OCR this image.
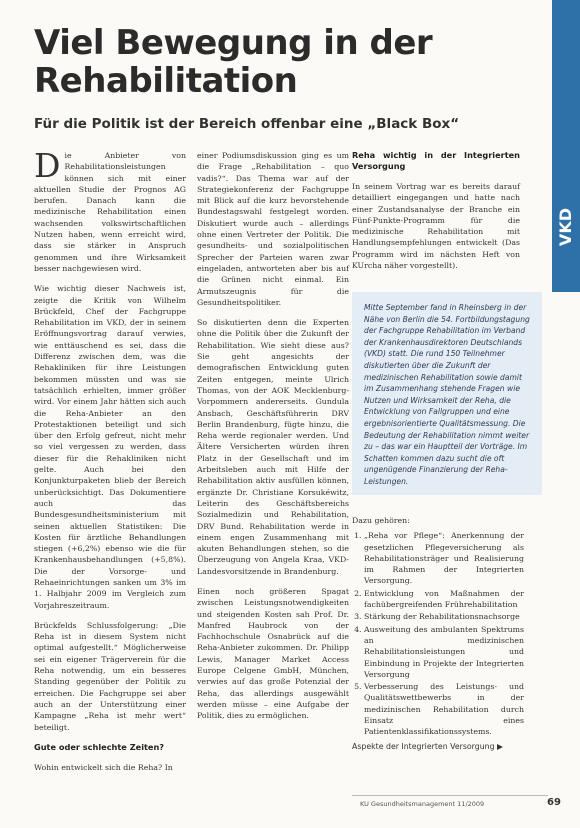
Viel Bewegung in der Rehabilitation
Für die Politik ist der Bereich offenbar eine „Black Box“
VKD

Die Anbieter von Rehabilitationsleistungen können sich mit einer aktuellen Studie der Prognos AG berufen. Danach kann die medizinische Rehabilitation einen wachsenden volkswirtschaftlichen Nutzen haben, wenn erreicht wird, dass sie stärker in Anspruch genommen und ihre Wirksamkeit besser nachgewiesen wird.

Wie wichtig dieser Nachweis ist, zeigte die Kritik von Wilhelm Brückfeld, Chef der Fachgruppe Rehabilitation im VKD, der in seinem Eröffnungsvortrag darauf verwies, wie enttäuschend es sei, dass die Differenz zwischen dem, was die Rehakliniken für ihre Leistungen bekommen müssten und was sie tatsächlich erhielten, immer größer wird. Vor einem Jahr hätten sich auch die Reha-Anbieter an den Protestaktionen beteiligt und sich über den Erfolg gefreut, nicht mehr so viel vergessen zu werden, dass dieser für die Rehakliniken nicht gelte. Auch bei den Konjunkturpaketen blieb der Bereich unberücksichtigt. Das Dokumentiere auch das Bundesgesundheitsministerium mit seinen aktuellen Statistiken: Die Kosten für ärztliche Behandlungen stiegen (+6,2%) ebenso wie die für Krankenhausbehandlungen (+5,8%). Die der Vorsorge- und Rehaeinrichtungen sanken um 3% im 1. Halbjahr 2009 im Vergleich zum Vorjahreszeitraum.

Brückfelds Schlussfolgerung: „Die Reha ist in diesem System nicht optimal aufgestellt.“ Möglicherweise sei ein eigener Trägerverein für die Reha notwendig, um ein besseres Standing gegenüber der Politik zu erreichen. Die Fachgruppe sei aber auch an der Unterstützung einer Kampagne „Reha ist mehr wert“ beteiligt.

Gute oder schlechte Zeiten?

Wohin entwickelt sich die Reha? In

einer Podiumsdiskussion ging es um die Frage „Rehabilitation – quo vadis?“. Das Thema war auf der Strategiekonferenz der Fachgruppe mit Blick auf die kurz bevorstehende Bundestagswahl festgelegt worden. Diskutiert wurde auch – allerdings ohne einen Vertreter der Politik. Die gesundheits- und sozialpolitischen Sprecher der Parteien waren zwar eingeladen, antworteten aber bis auf die Grünen nicht einmal. Ein Armutszeugnis für die Gesundheitspolitiker.

So diskutierten denn die Experten ohne die Politik über die Zukunft der Rehabilitation. Wie sieht diese aus? Sie geht angesichts der demografischen Entwicklung guten Zeiten entgegen, meinte Ulrich Thomas, von der AOK Mecklenburg-Vorpommern andererseits. Gundula Ansbach, Geschäftsführerin DRV Berlin Brandenburg, fügte hinzu, die Reha werde regionaler werden. Und Ältere Versicherten würden ihren Platz in der Gesellschaft und im Arbeitsleben auch mit Hilfe der Rehabilitation aktiv ausfüllen können, ergänzte Dr. Christiane Korsukéwitz, Leiterin des Geschäftsbereichs Sozialmedizin und Rehabilitation, DRV Bund. Rehabilitation werde in einem engen Zusammenhang mit akuten Behandlungen stehen, so die Überzeugung von Angela Kraa, VKD-Landesvorsitzende in Brandenburg.

Einen noch größeren Spagat zwischen Leistungsnotwendigkeiten und steigenden Kosten sah Prof. Dr. Manfred Haubrock von der Fachhochschule Osnabrück auf die Reha-Anbieter zukommen. Dr. Philipp Lewis, Manager Market Access Europe Celgene GmbH, München, verwies auf das große Potenzial der Reha, das allerdings ausgewählt werden müsse – eine Aufgabe der Politik, dies zu ermöglichen.

Reha wichtig in der Integrierten Versorgung

In seinem Vortrag war es bereits darauf detailliert eingegangen und hatte nach einer Zustandsanalyse der Branche ein Fünf-Punkte-Programm für die medizinische Rehabilitation mit Handlungsempfehlungen entwickelt (Das Programm wird im nächsten Heft von KUrcha näher vorgestellt).

Mitte September fand in Rheinsberg in der Nähe von Berlin die 54. Fortbildungstagung der Fachgruppe Rehabilitation im Verband der Krankenhausdirektoren Deutschlands (VKD) statt. Die rund 150 Teilnehmer diskutierten über die Zukunft der medizinischen Rehabilitation sowie damit im Zusammenhang stehende Fragen wie Nutzen und Wirksamkeit der Reha, die Entwicklung von Fallgruppen und eine ergebnisorientierte Qualitätsmessung. Die Bedeutung der Rehabilitation nimmt weiter zu – das war ein Hauptteil der Vorträge. Im Schatten kommen dazu sucht die oft ungenügende Finanzierung der Reha-Leistungen.
Dazu gehören:
1. „Reha vor Pflege“: Anerkennung der gesetzlichen Pflegeversicherung als Rehabilitationsträger und Realisierung im Rahmen der Integrierten Versorgung.
2. Entwicklung von Maßnahmen der fachübergreifenden Frührehabilitation
3. Stärkung der Rehabilitationsnachsorge
4. Ausweitung des ambulanten Spektrums an medizinischen Rehabilitationsleistungen und Einbindung in Projekte der Integrierten Versorgung
5. Verbesserung des Leistungs- und Qualitätswettbewerbs in der medizinischen Rehabilitation durch Einsatz eines Patientenklassifikationssystems.
Aspekte der Integrierten Versorgung ▶
KU Gesundheitsmanagement 11/2009	69
